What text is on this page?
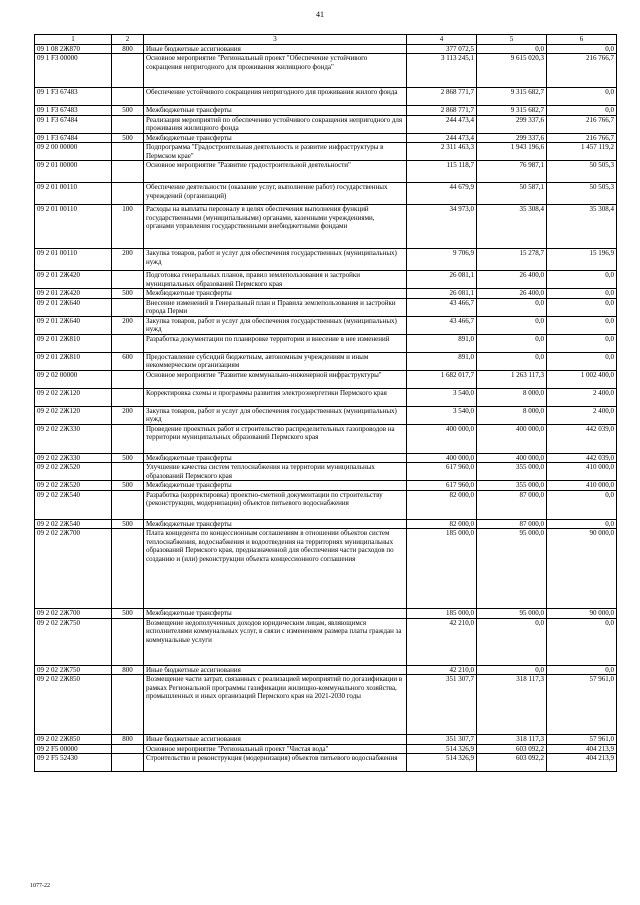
41
1	2	3	4	5	6
09 1 08 2Ж870	800	Иные бюджетные ассигнования	377 072,5	0,0	0,0
09 1 F3 00000		Основное мероприятие "Региональный проект "Обеспечение устойчивого сокращения непригодного для проживания жилищного фонда"	3 113 245,1	9 615 020,3	216 766,7
09 1 F3 67483		Обеспечение устойчивого сокращения непригодного для проживания жилого фонда	2 868 771,7	9 315 682,7	0,0
09 1 F3 67483	500	Межбюджетные трансферты	2 868 771,7	9 315 682,7	0,0
09 1 F3 67484		Реализация мероприятий по обеспечению устойчивого сокращения непригодного для проживания жилищного фонда	244 473,4	299 337,6	216 766,7
09 1 F3 67484	500	Межбюджетные трансферты	244 473,4	299 337,6	216 766,7
09 2 00 00000		Подпрограмма "Градостроительная деятельность и развитие инфраструктуры в Пермском крае"	2 311 463,3	1 943 196,6	1 457 119,2
09 2 01 00000		Основное мероприятие "Развитие градостроительной деятельности"	115 118,7	76 987,1	50 505,3
09 2 01 00110		Обеспечение деятельности (оказание услуг, выполнение работ) государственных учреждений (организаций)	44 679,9	50 587,1	50 505,3
09 2 01 00110	100	Расходы на выплаты персоналу в целях обеспечения выполнения функций государственными (муниципальными) органами, казенными учреждениями, органами управления государственными внебюджетными фондами	34 973,0	35 308,4	35 308,4
09 2 01 00110	200	Закупка товаров, работ и услуг для обеспечения государственных (муниципальных) нужд	9 706,9	15 278,7	15 196,9
09 2 01 2Ж420		Подготовка генеральных планов, правил землепользования и застройки муниципальных образований Пермского края	26 081,1	26 400,0	0,0
09 2 01 2Ж420	500	Межбюджетные трансферты	26 081,1	26 400,0	0,0
09 2 01 2Ж640		Внесение изменений в Генеральный план и Правила землепользования и застройки города Перми	43 466,7	0,0	0,0
09 2 01 2Ж640	200	Закупка товаров, работ и услуг для обеспечения государственных (муниципальных) нужд	43 466,7	0,0	0,0
09 2 01 2Ж810		Разработка документации по планировке территории и внесение в нее изменений	891,0	0,0	0,0
09 2 01 2Ж810	600	Предоставление субсидий бюджетным, автономным учреждениям и иным некоммерческим организациям	891,0	0,0	0,0
09 2 02 00000		Основное мероприятие "Развитие коммунально-инженерной инфраструктуры"	1 682 017,7	1 263 117,3	1 002 400,0
09 2 02 2Ж120		Корректировка схемы и программы развития электроэнергетики Пермского края	3 540,0	8 000,0	2 400,0
09 2 02 2Ж120	200	Закупка товаров, работ и услуг для обеспечения государственных (муниципальных) нужд	3 540,0	8 000,0	2 400,0
09 2 02 2Ж330		Проведение проектных работ и строительство распределительных газопроводов на территории муниципальных образований Пермского края	400 000,0	400 000,0	442 039,0
09 2 02 2Ж330	500	Межбюджетные трансферты	400 000,0	400 000,0	442 039,0
09 2 02 2Ж520		Улучшение качества систем теплоснабжения на территории муниципальных образований Пермского края	617 960,0	355 000,0	410 000,0
09 2 02 2Ж520	500	Межбюджетные трансферты	617 960,0	355 000,0	410 000,0
09 2 02 2Ж540		Разработка (корректировка) проектно-сметной документации по строительству (реконструкции, модернизации) объектов питьевого водоснабжения	82 000,0	87 000,0	0,0
09 2 02 2Ж540	500	Межбюджетные трансферты	82 000,0	87 000,0	0,0
09 2 02 2Ж700		Плата концедента по концессионным соглашениям в отношении объектов систем теплоснабжения, водоснабжения и водоотведения на территориях муниципальных образований Пермского края, предназначенной для обеспечения части расходов по созданию и (или) реконструкции объекта концессионного соглашения	185 000,0	95 000,0	90 000,0
09 2 02 2Ж700	500	Межбюджетные трансферты	185 000,0	95 000,0	90 000,0
09 2 02 2Ж750		Возмещение недополученных доходов юридическим лицам, являющимся исполнителями коммунальных услуг, в связи с изменением размера платы граждан за коммунальные услуги	42 210,0	0,0	0,0
09 2 02 2Ж750	800	Иные бюджетные ассигнования	42 210,0	0,0	0,0
09 2 02 2Ж850		Возмещение части затрат, связанных с реализацией мероприятий по догазификации в рамках Региональной программы газификации жилищно-коммунального хозяйства, промышленных и иных организаций Пермского края на 2021-2030 годы	351 307,7	318 117,3	57 961,0
09 2 02 2Ж850	800	Иные бюджетные ассигнования	351 307,7	318 117,3	57 961,0
09 2 F5 00000		Основное мероприятие "Региональный проект "Чистая вода"	514 326,9	603 092,2	404 213,9
09 2 F5 52430		Строительство и реконструкция (модернизация) объектов питьевого водоснабжения	514 326,9	603 092,2	404 213,9
1077-22
